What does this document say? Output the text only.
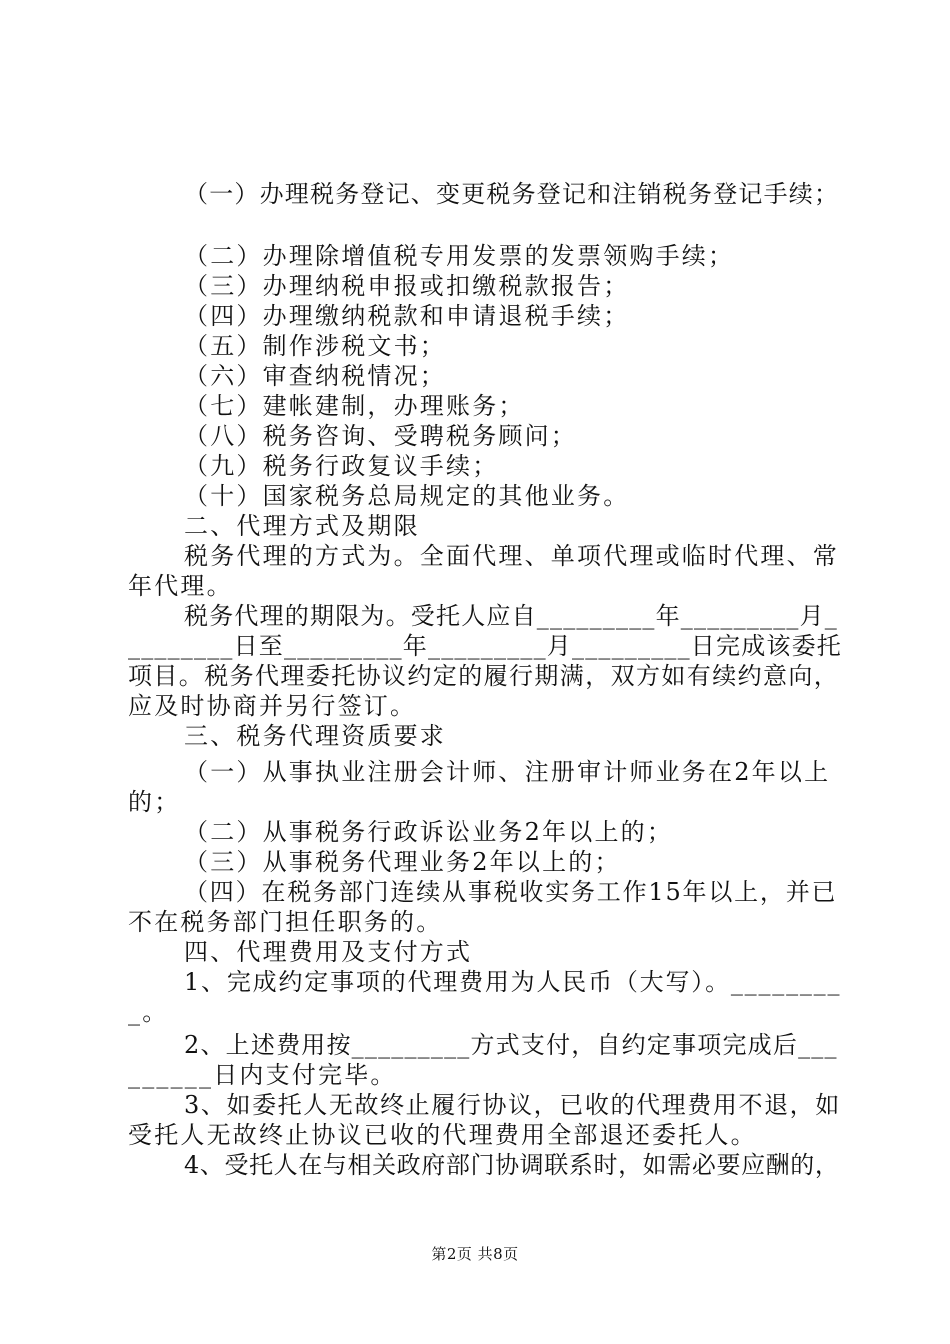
（一）办理税务登记、变更税务登记和注销税务登记手续；
（二）办理除增值税专用发票的发票领购手续；
（三）办理纳税申报或扣缴税款报告；
（四）办理缴纳税款和申请退税手续；
（五）制作涉税文书；
（六）审查纳税情况；
（七）建帐建制，办理账务；
（八）税务咨询、受聘税务顾问；
（九）税务行政复议手续；
（十）国家税务总局规定的其他业务。
二、代理方式及期限
税务代理的方式为。全面代理、单项代理或临时代理、常
年代理。
税务代理的期限为。受托人应自_________年_________月_
________日至_________年_________月_________日完成该委托
项目。税务代理委托协议约定的履行期满，双方如有续约意向，
应及时协商并另行签订。
三、税务代理资质要求
（一）从事执业注册会计师、注册审计师业务在2年以上
的；
（二）从事税务行政诉讼业务2年以上的；
（三）从事税务代理业务2年以上的；
（四）在税务部门连续从事税收实务工作15年以上，并已
不在税务部门担任职务的。
四、代理费用及支付方式
1、完成约定事项的代理费用为人民币（大写）。________
_。
2、上述费用按_________方式支付，自约定事项完成后___
______日内支付完毕。
3、如委托人无故终止履行协议，已收的代理费用不退，如
受托人无故终止协议已收的代理费用全部退还委托人。
4、受托人在与相关政府部门协调联系时，如需必要应酬的，
第2页 共8页
